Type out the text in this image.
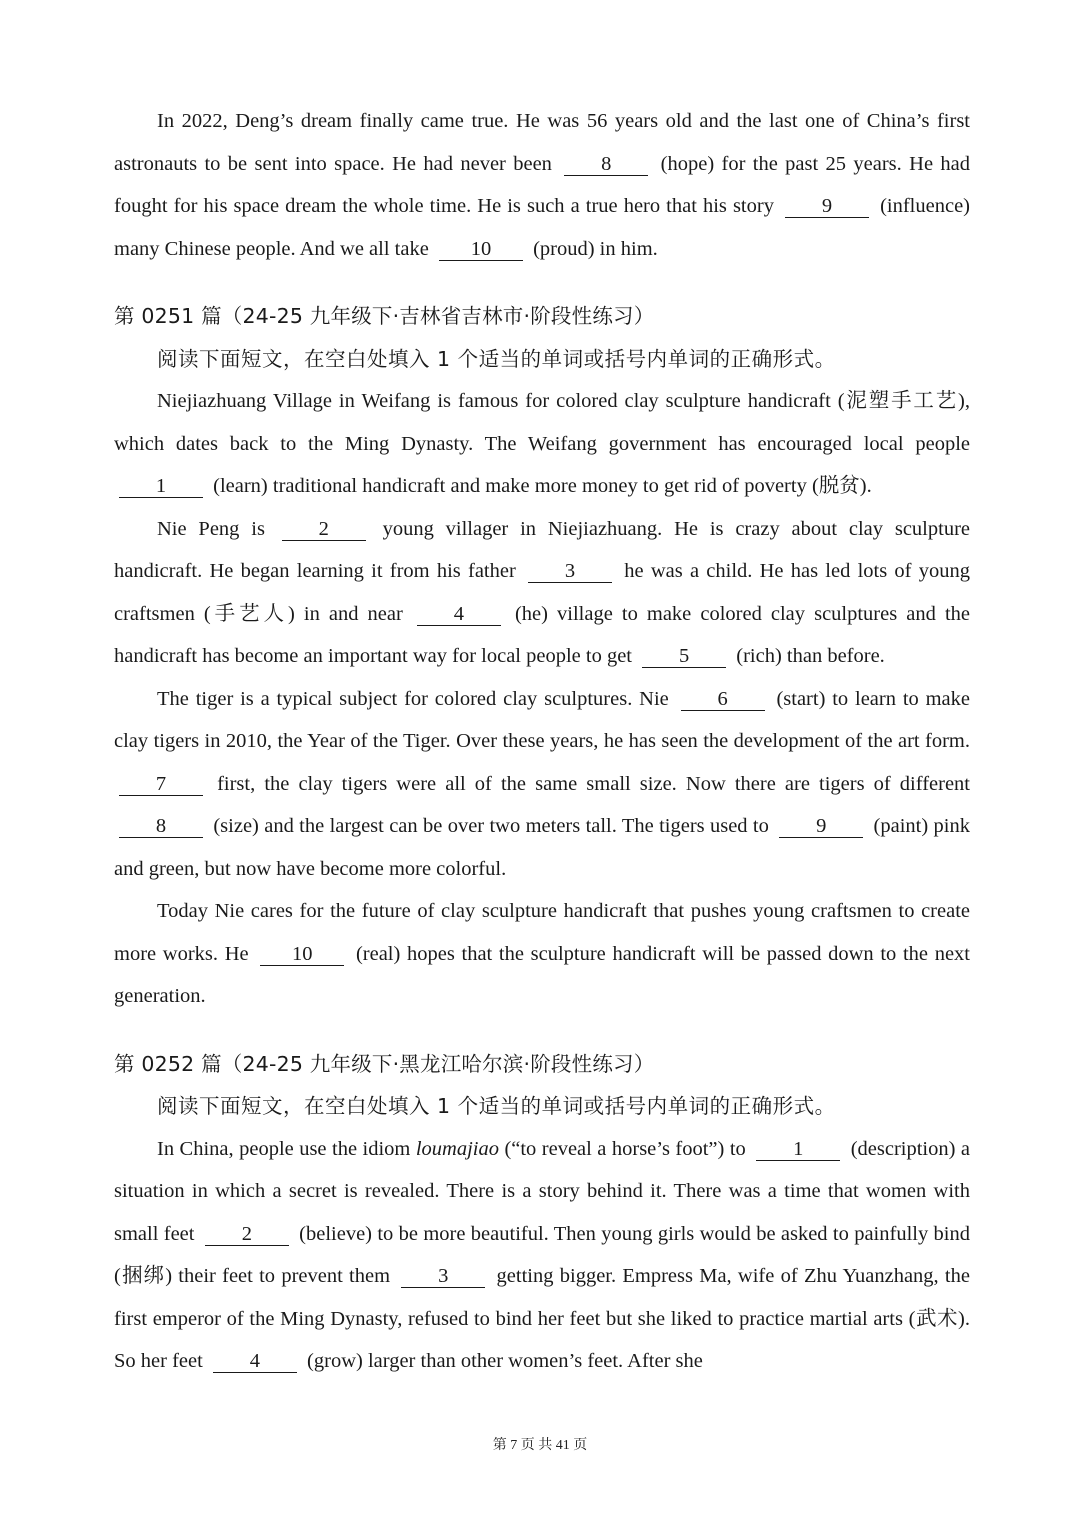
In 2022, Deng’s dream finally came true. He was 56 years old and the last one of China’s first astronauts to be sent into space. He had never been 8 (hope) for the past 25 years. He had fought for his space dream the whole time. He is such a true hero that his story 9 (influence) many Chinese people. And we all take 10 (proud) in him.

第 0251 篇（24-25 九年级下·吉林省吉林市·阶段性练习）

阅读下面短文，在空白处填入 1 个适当的单词或括号内单词的正确形式。

Niejiazhuang Village in Weifang is famous for colored clay sculpture handicraft (泥塑手工艺), which dates back to the Ming Dynasty. The Weifang government has encouraged local people 1 (learn) traditional handicraft and make more money to get rid of poverty (脱贫).

Nie Peng is 2 young villager in Niejiazhuang. He is crazy about clay sculpture handicraft. He began learning it from his father 3 he was a child. He has led lots of young craftsmen (手艺人) in and near 4 (he) village to make colored clay sculptures and the handicraft has become an important way for local people to get 5 (rich) than before.

The tiger is a typical subject for colored clay sculptures. Nie 6 (start) to learn to make clay tigers in 2010, the Year of the Tiger. Over these years, he has seen the development of the art form. 7 first, the clay tigers were all of the same small size. Now there are tigers of different 8 (size) and the largest can be over two meters tall. The tigers used to 9 (paint) pink and green, but now have become more colorful.

Today Nie cares for the future of clay sculpture handicraft that pushes young craftsmen to create more works. He 10 (real) hopes that the sculpture handicraft will be passed down to the next generation.

第 0252 篇（24-25 九年级下·黑龙江哈尔滨·阶段性练习）

阅读下面短文，在空白处填入 1 个适当的单词或括号内单词的正确形式。

In China, people use the idiom loumajiao (“to reveal a horse’s foot”) to 1 (description) a situation in which a secret is revealed. There is a story behind it. There was a time that women with small feet 2 (believe) to be more beautiful. Then young girls would be asked to painfully bind (捆绑) their feet to prevent them 3 getting bigger. Empress Ma, wife of Zhu Yuanzhang, the first emperor of the Ming Dynasty, refused to bind her feet but she liked to practice martial arts (武术). So her feet 4 (grow) larger than other women’s feet. After she

第 7 页 共 41 页
